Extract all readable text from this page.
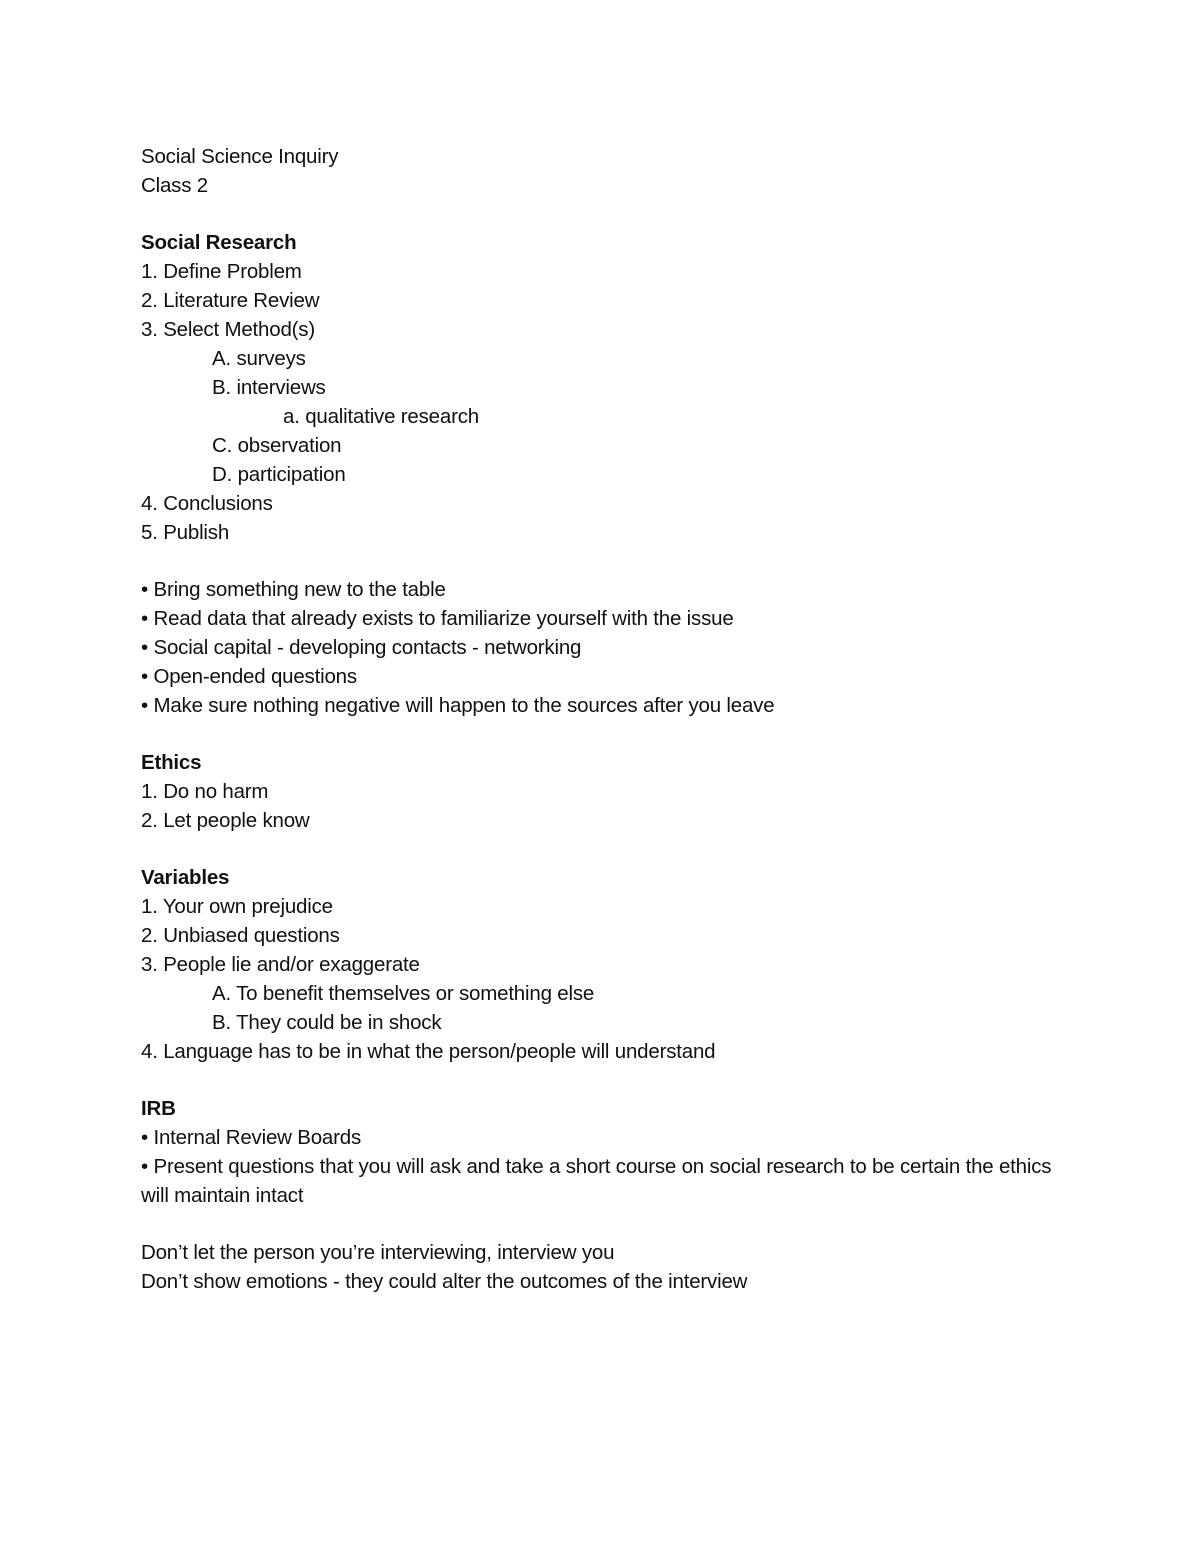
Social Science Inquiry
Class 2
Social Research
1. Define Problem
2. Literature Review
3. Select Method(s)
A. surveys
B. interviews
a. qualitative research
C. observation
D. participation
4. Conclusions
5. Publish
• Bring something new to the table
• Read data that already exists to familiarize yourself with the issue
• Social capital - developing contacts - networking
• Open-ended questions
• Make sure nothing negative will happen to the sources after you leave
Ethics
1. Do no harm
2. Let people know
Variables
1. Your own prejudice
2. Unbiased questions
3. People lie and/or exaggerate
A. To benefit themselves or something else
B. They could be in shock
4. Language has to be in what the person/people will understand
IRB
• Internal Review Boards
• Present questions that you will ask and take a short course on social research to be certain the ethics will maintain intact
Don’t let the person you’re interviewing, interview you
Don’t show emotions - they could alter the outcomes of the interview
